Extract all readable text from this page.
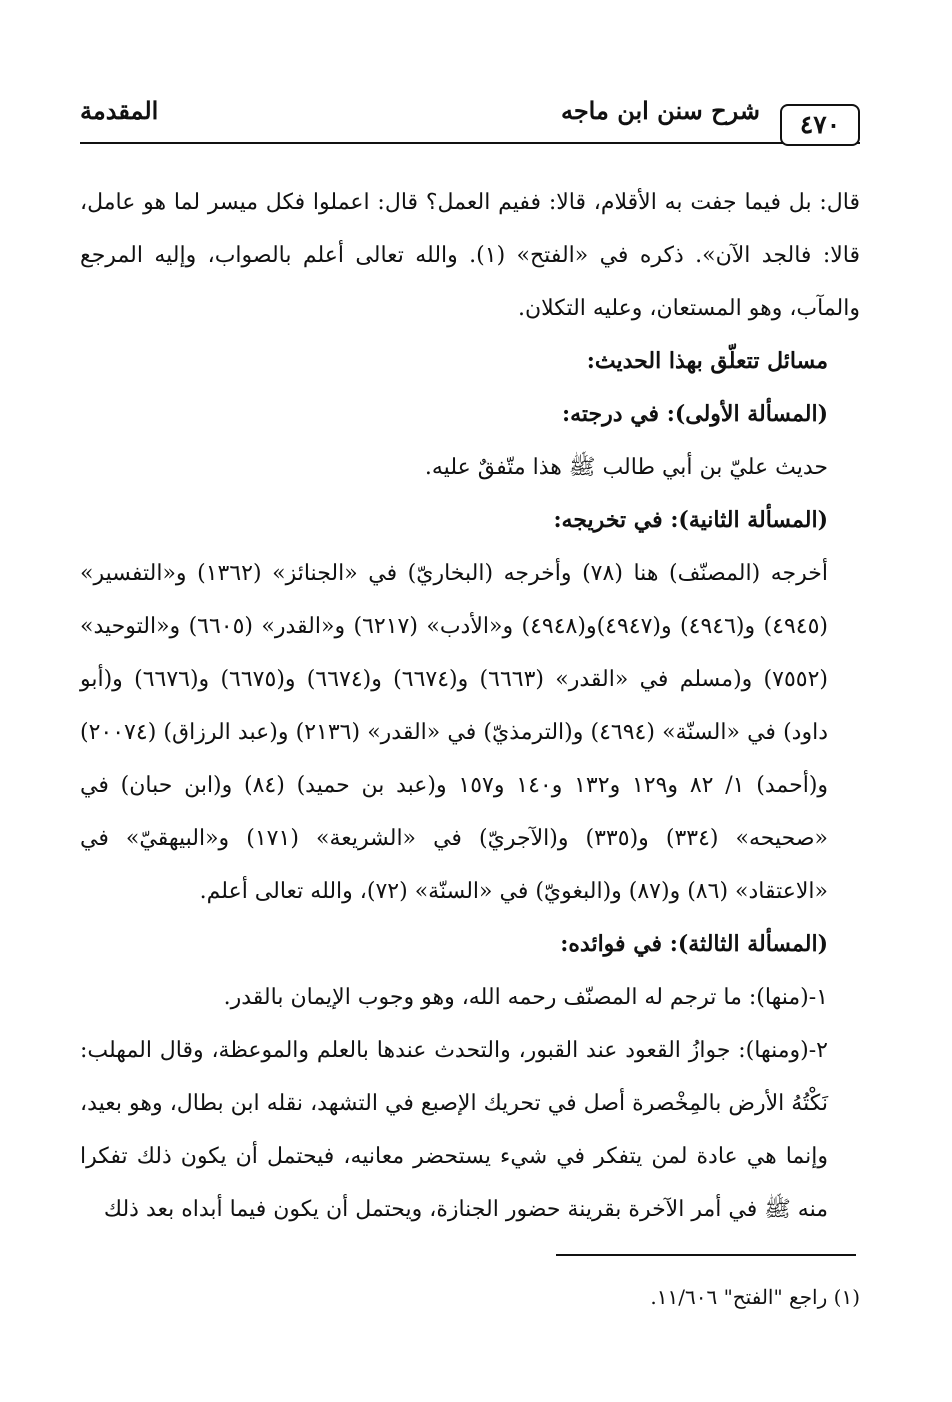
٤٧٠
شرح سنن ابن ماجه
المقدمة

قال: بل فيما جفت به الأقلام، قالا: ففيم العمل؟ قال: اعملوا فكل ميسر لما هو عامل، قالا: فالجد الآن». ذكره في «الفتح» (١). والله تعالى أعلم بالصواب، وإليه المرجع والمآب، وهو المستعان، وعليه التكلان.

مسائل تتعلّق بهذا الحديث:

(المسألة الأولى): في درجته:

حديث عليّ بن أبي طالب ﷺ هذا متّفقٌ عليه.

(المسألة الثانية): في تخريجه:

أخرجه (المصنّف) هنا (٧٨) وأخرجه (البخاريّ) في «الجنائز» (١٣٦٢) و«التفسير» (٤٩٤٥) و(٤٩٤٦) و(٤٩٤٧)و(٤٩٤٨) و«الأدب» (٦٢١٧) و«القدر» (٦٦٠٥) و«التوحيد» (٧٥٥٢) و(مسلم في «القدر» (٦٦٦٣) و(٦٦٧٤) و(٦٦٧٤) و(٦٦٧٥) و(٦٦٧٦) و(أبو داود) في «السنّة» (٤٦٩٤) و(الترمذيّ) في «القدر» (٢١٣٦) و(عبد الرزاق) (٢٠٠٧٤) و(أحمد) ١/ ٨٢ و١٢٩ و١٣٢ و١٤٠ و١٥٧ و(عبد بن حميد) (٨٤) و(ابن حبان) في «صحيحه» (٣٣٤) و(٣٣٥) و(الآجريّ) في «الشريعة» (١٧١) و«البيهقيّ» في «الاعتقاد» (٨٦) و(٨٧) و(البغويّ) في «السنّة» (٧٢)، والله تعالى أعلم.

(المسألة الثالثة): في فوائده:

١-(منها): ما ترجم له المصنّف رحمه الله، وهو وجوب الإيمان بالقدر.

٢-(ومنها): جوازُ القعود عند القبور، والتحدث عندها بالعلم والموعظة، وقال المهلب: نَكْتُهُ الأرض بالمِخْصرة أصل في تحريك الإصبع في التشهد، نقله ابن بطال، وهو بعيد، وإنما هي عادة لمن يتفكر في شيء يستحضر معانيه، فيحتمل أن يكون ذلك تفكرا منه ﷺ في أمر الآخرة بقرينة حضور الجنازة، ويحتمل أن يكون فيما أبداه بعد ذلك

(١) راجع "الفتح" ١١/٦٠٦.
